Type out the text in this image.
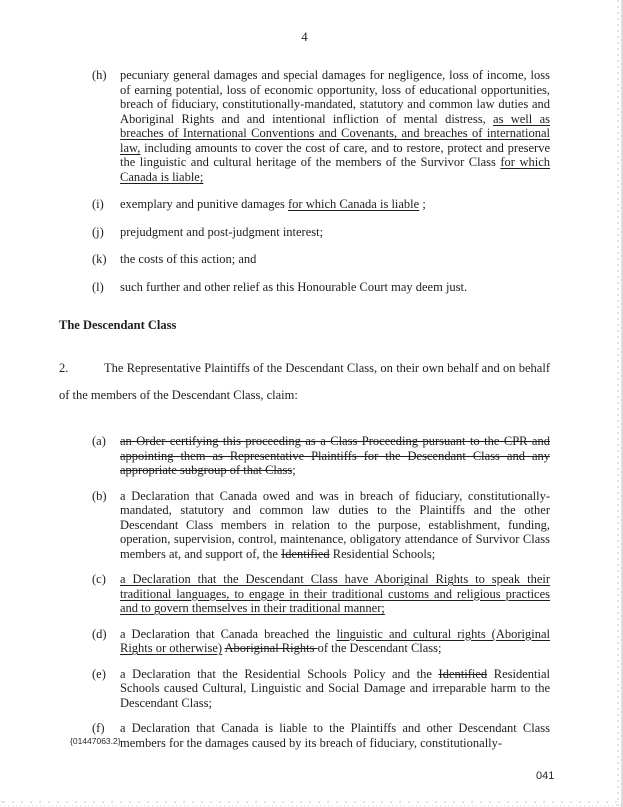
4
(h)	pecuniary general damages and special damages for negligence, loss of income, loss of earning potential, loss of economic opportunity, loss of educational opportunities, breach of fiduciary, constitutionally-mandated, statutory and common law duties and Aboriginal Rights and and intentional infliction of mental distress, as well as breaches of International Conventions and Covenants, and breaches of international law, including amounts to cover the cost of care, and to restore, protect and preserve the linguistic and cultural heritage of the members of the Survivor Class for which Canada is liable;
(i)	exemplary and punitive damages for which Canada is liable ;
(j)	prejudgment and post-judgment interest;
(k)	the costs of this action; and
(l)	such further and other relief as this Honourable Court may deem just.
The Descendant Class
2.	The Representative Plaintiffs of the Descendant Class, on their own behalf and on behalf of the members of the Descendant Class, claim:
(a)	an Order certifying this proceeding as a Class Proceeding pursuant to the CPR and appointing them as Representative Plaintiffs for the Descendant Class and any appropriate subgroup of that Class;
(b)	a Declaration that Canada owed and was in breach of fiduciary, constitutionally-mandated, statutory and common law duties to the Plaintiffs and the other Descendant Class members in relation to the purpose, establishment, funding, operation, supervision, control, maintenance, obligatory attendance of Survivor Class members at, and support of, the Identified Residential Schools;
(c)	a Declaration that the Descendant Class have Aboriginal Rights to speak their traditional languages, to engage in their traditional customs and religious practices and to govern themselves in their traditional manner;
(d)	a Declaration that Canada breached the linguistic and cultural rights (Aboriginal Rights or otherwise) Aboriginal Rights of the Descendant Class;
(e)	a Declaration that the Residential Schools Policy and the Identified Residential Schools caused Cultural, Linguistic and Social Damage and irreparable harm to the Descendant Class;
(f)	a Declaration that Canada is liable to the Plaintiffs and other Descendant Class members for the damages caused by its breach of fiduciary, constitutionally-
{01447063.2}
041
